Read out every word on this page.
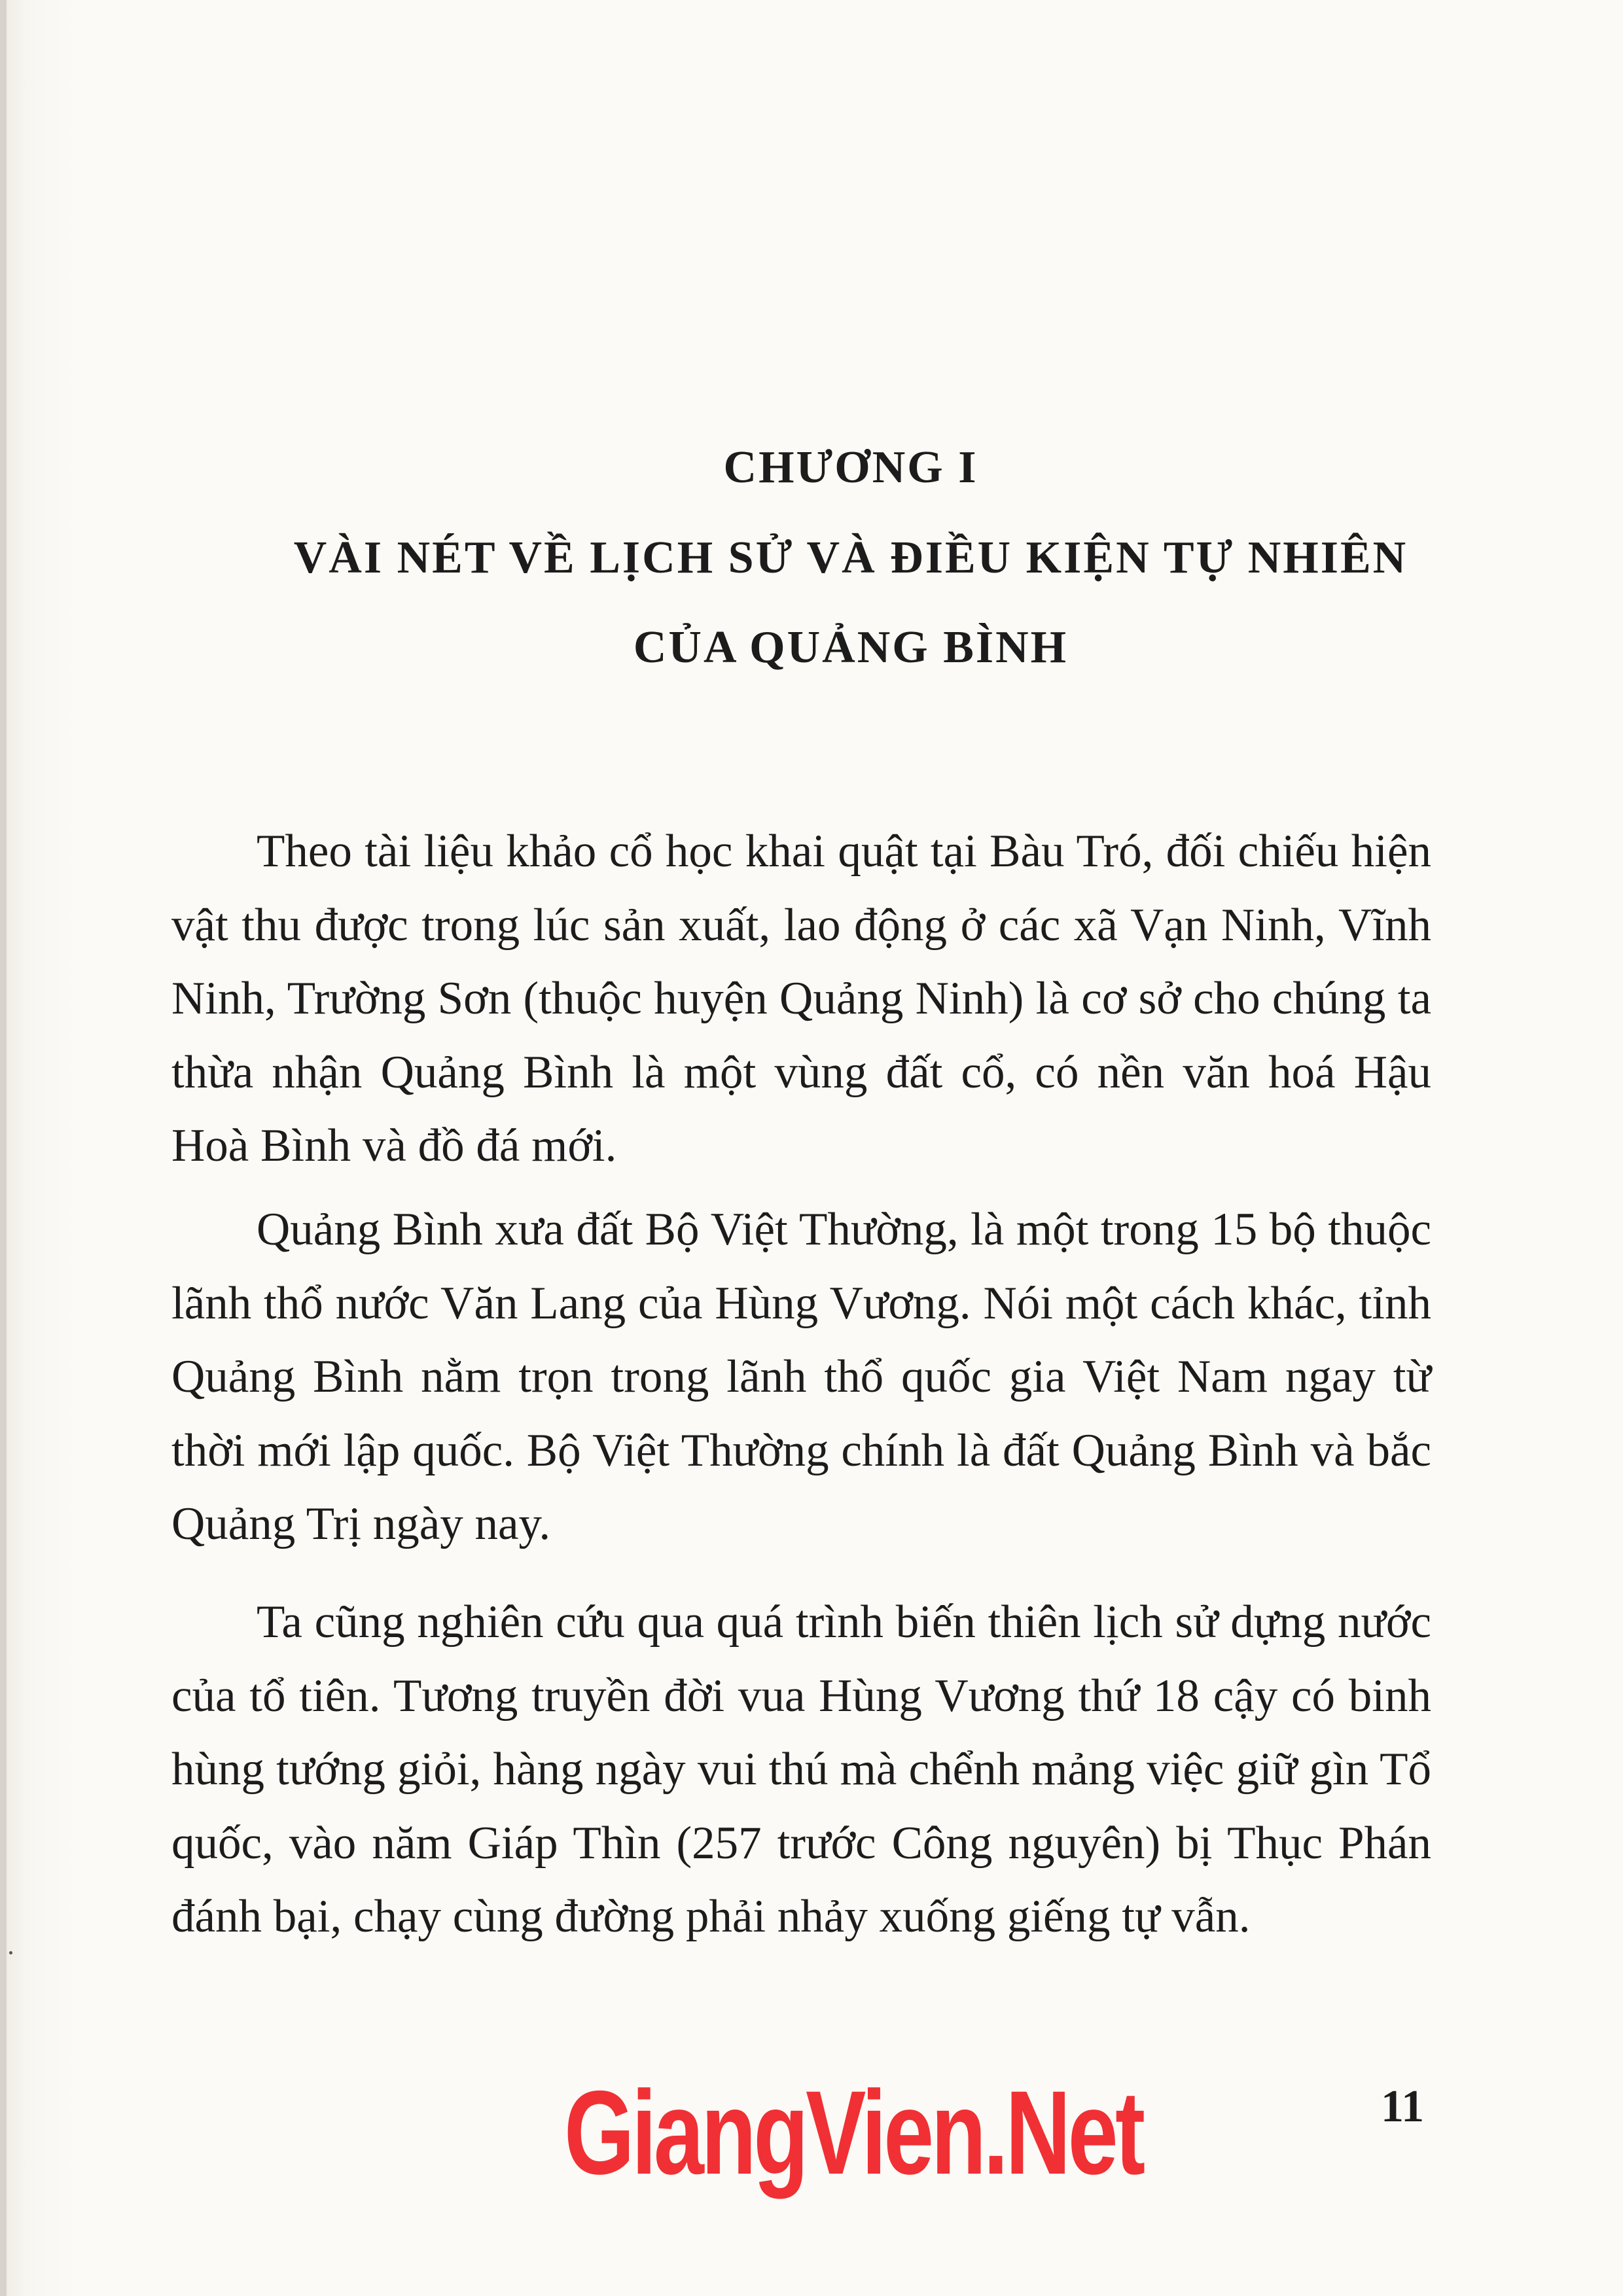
CHƯƠNG I
VÀI NÉT VỀ LỊCH SỬ VÀ ĐIỀU KIỆN TỰ NHIÊN
CỦA QUẢNG BÌNH

Theo tài liệu khảo cổ học khai quật tại Bàu Tró, đối chiếu hiện vật thu được trong lúc sản xuất, lao động ở các xã Vạn Ninh, Vĩnh Ninh, Trường Sơn (thuộc huyện Quảng Ninh) là cơ sở cho chúng ta thừa nhận Quảng Bình là một vùng đất cổ, có nền văn hoá Hậu Hoà Bình và đồ đá mới.

Quảng Bình xưa đất Bộ Việt Thường, là một trong 15 bộ thuộc lãnh thổ nước Văn Lang của Hùng Vương. Nói một cách khác, tỉnh Quảng Bình nằm trọn trong lãnh thổ quốc gia Việt Nam ngay từ thời mới lập quốc. Bộ Việt Thường chính là đất Quảng Bình và bắc Quảng Trị ngày nay.

Ta cũng nghiên cứu qua quá trình biến thiên lịch sử dựng nước của tổ tiên. Tương truyền đời vua Hùng Vương thứ 18 cậy có binh hùng tướng giỏi, hàng ngày vui thú mà chểnh mảng việc giữ gìn Tổ quốc, vào năm Giáp Thìn (257 trước Công nguyên) bị Thục Phán đánh bại, chạy cùng đường phải nhảy xuống giếng tự vẫn.

GiangVien.Net	11
